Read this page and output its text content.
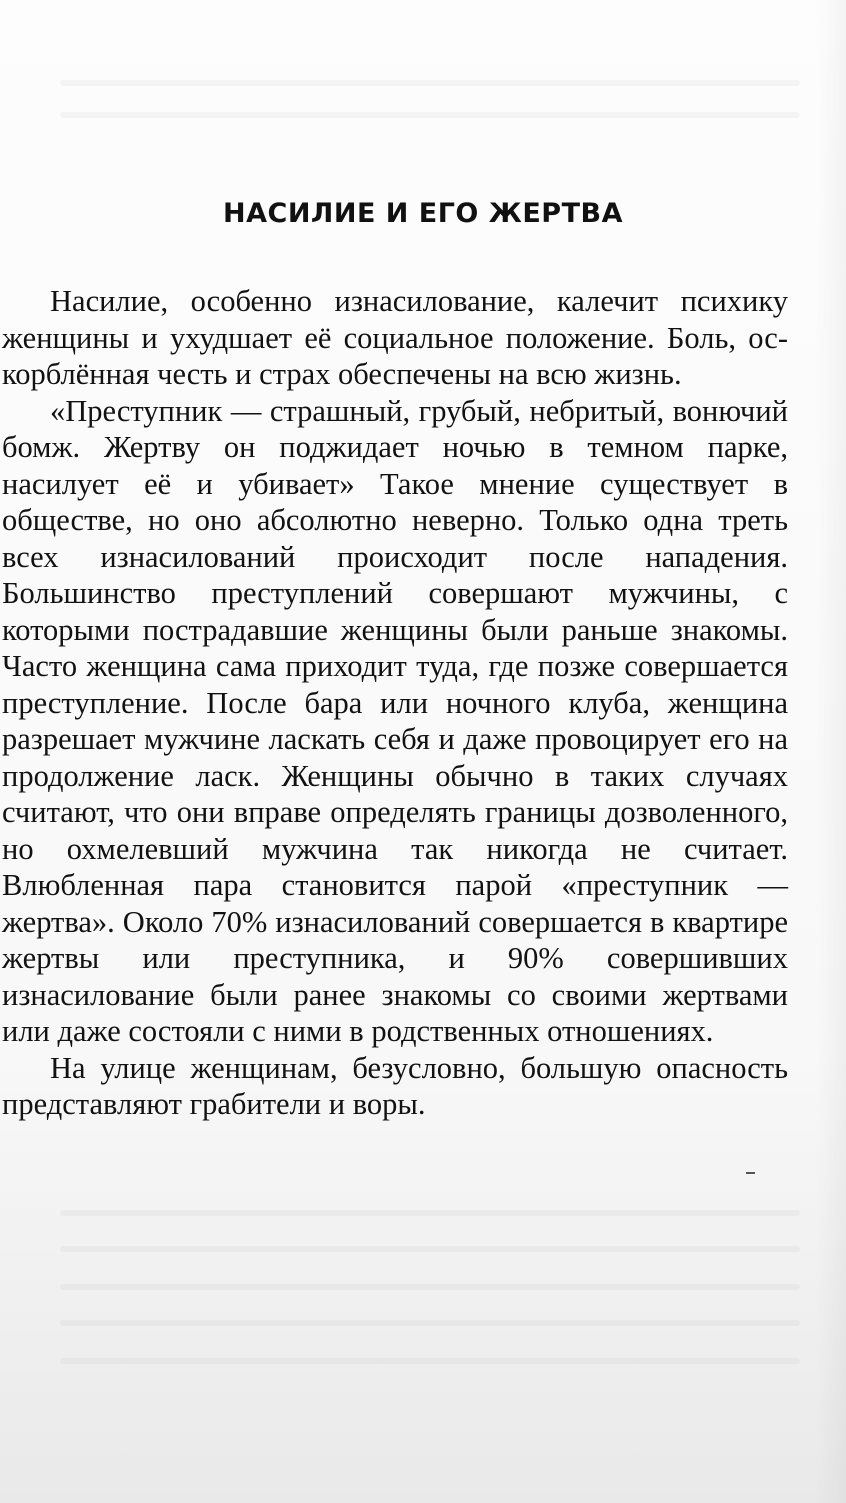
НАСИЛИЕ И ЕГО ЖЕРТВА

Насилие, особенно изнасилование, калечит психику женщины и ухудшает её социальное положение. Боль, оскорблённая честь и страх обеспечены на всю жизнь.

«Преступник — страшный, грубый, небритый, вонючий бомж. Жертву он поджидает ночью в темном парке, насилует её и убивает» Такое мнение существует в обществе, но оно абсолютно неверно. Только одна треть всех изнасилований происходит после нападения. Большинство преступлений совершают мужчины, с которыми пострадавшие женщины были раньше знакомы. Часто женщина сама приходит туда, где позже совершается преступление. После бара или ночного клуба, женщина разрешает мужчине ласкать себя и даже провоцирует его на продолжение ласк. Женщины обычно в таких случаях считают, что они вправе определять границы дозволенного, но охмелевший мужчина так никогда не считает. Влюбленная пара становится парой «преступник — жертва». Около 70% изнасилований совершается в квартире жертвы или преступника, и 90% совершивших изнасилование были ранее знакомы со своими жертвами или даже состояли с ними в родственных отношениях.

На улице женщинам, безусловно, большую опасность представляют грабители и воры.
